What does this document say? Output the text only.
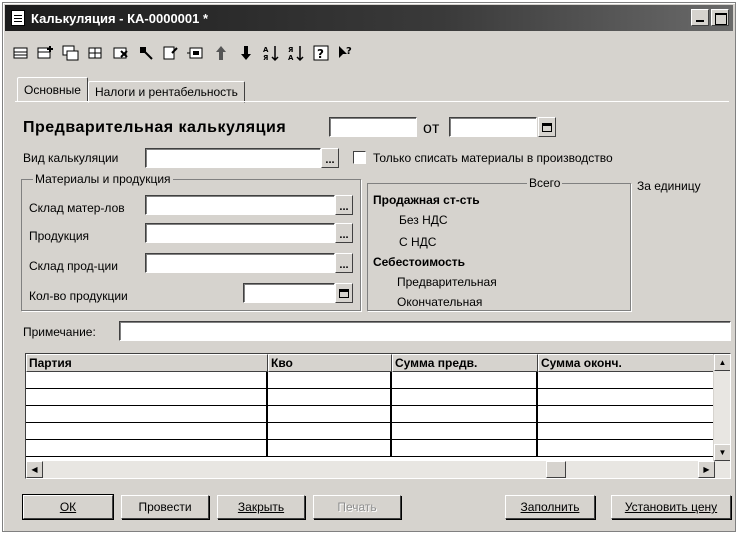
Калькуляция - КА-0000001 *
А
Я
Я
А ? ?
Основные Налоги и рентабельность
Предварительная калькуляция	от
Вид калькуляции	...	Только списать материалы в производство
Материалы и продукция
Склад матер-лов	...
Продукция	...
Склад прод-ции	...
Кол-во продукции
Продажная ст-сть
Без НДС
С НДС
Себестоимость
Предварительная
Окончательная
Всего	За единицу
Примечание:
Партия	Кво	Сумма предв.	Сумма оконч.	▲
▼
◀	▶
ОК	Провести	Закрыть	Печать	Заполнить	Установить цену
